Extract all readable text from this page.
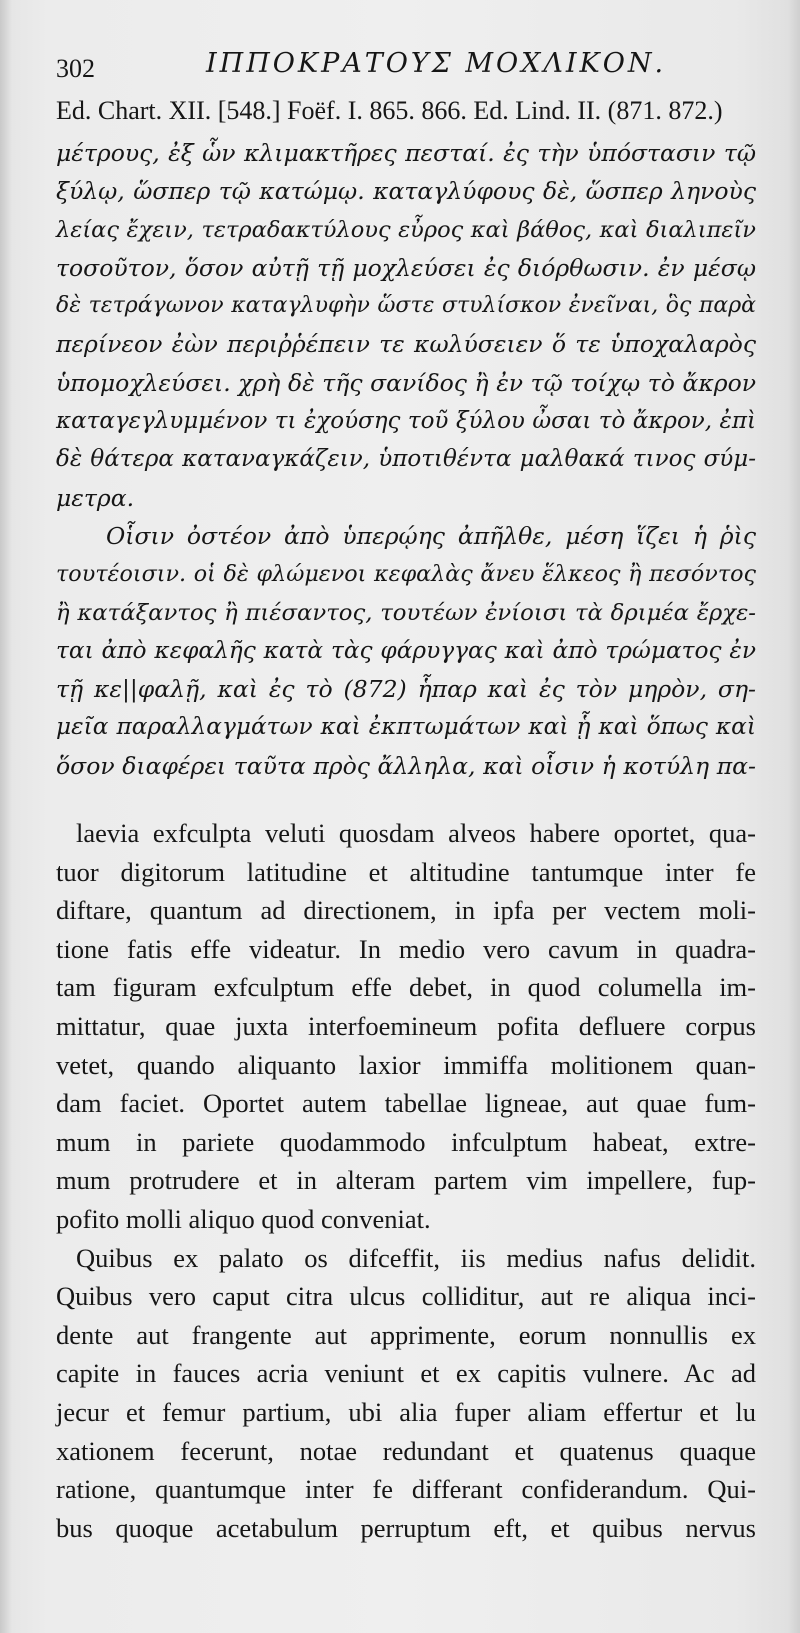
302	ΙΠΠΟΚΡΑΤΟΥΣ ΜΟΧΛΙΚΟΝ.
Ed. Chart. XII. [548.] Foëf. I. 865. 866. Ed. Lind. II. (871. 872.)
μέτρους, ἐξ ὧν κλιμακτῆρες πεσταί. ἐς τὴν ὑπόστασιν τῷ
ξύλῳ, ὥσπερ τῷ κατώμῳ. καταγλύφους δὲ, ὥσπερ ληνοὺς
λείας ἔχειν, τετραδακτύλους εὖρος καὶ βάθος, καὶ διαλιπεῖν
τοσοῦτον, ὅσον αὐτῇ τῇ μοχλεύσει ἐς διόρθωσιν. ἐν μέσῳ
δὲ τετράγωνον καταγλυφὴν ὥστε στυλίσκον ἐνεῖναι, ὃς παρὰ
περίνεον ἐὼν περιῤῥέπειν τε κωλύσειεν ὅ τε ὑποχαλαρὸς
ὑπομοχλεύσει. χρὴ δὲ τῆς σανίδος ἢ ἐν τῷ τοίχῳ τὸ ἄκρον
καταγεγλυμμένον τι ἐχούσης τοῦ ξύλου ὦσαι τὸ ἄκρον, ἐπὶ
δὲ θάτερα καταναγκάζειν, ὑποτιθέντα μαλθακά τινος σύμ-
μετρα.
Οἷσιν ὀστέον ἀπὸ ὑπερῴης ἀπῆλθε, μέση ἵζει ἡ ῥὶς
τουτέοισιν. οἱ δὲ φλώμενοι κεφαλὰς ἄνευ ἕλκεος ἢ πεσόντος
ἢ κατάξαντος ἢ πιέσαντος, τουτέων ἐνίοισι τὰ δριμέα ἔρχε-
ται ἀπὸ κεφαλῆς κατὰ τὰς φάρυγγας καὶ ἀπὸ τρώματος ἐν
τῇ κε||φαλῇ, καὶ ἐς τὸ (872) ἧπαρ καὶ ἐς τὸν μηρὸν, ση-
μεῖα παραλλαγμάτων καὶ ἐκπτωμάτων καὶ ᾗ καὶ ὅπως καὶ
ὅσον διαφέρει ταῦτα πρὸς ἄλληλα, καὶ οἷσιν ἡ κοτύλη πα-
laevia exfculpta veluti quosdam alveos habere oportet, qua-
tuor digitorum latitudine et altitudine tantumque inter fe
diftare, quantum ad directionem, in ipfa per vectem moli-
tione fatis effe videatur. In medio vero cavum in quadra-
tam figuram exfculptum effe debet, in quod columella im-
mittatur, quae juxta interfoemineum pofita defluere corpus
vetet, quando aliquanto laxior immiffa molitionem quan-
dam faciet. Oportet autem tabellae ligneae, aut quae fum-
mum in pariete quodammodo infculptum habeat, extre-
mum protrudere et in alteram partem vim impellere, fup-
pofito molli aliquo quod conveniat.
Quibus ex palato os difceffit, iis medius nafus delidit.
Quibus vero caput citra ulcus colliditur, aut re aliqua inci-
dente aut frangente aut apprimente, eorum nonnullis ex
capite in fauces acria veniunt et ex capitis vulnere. Ac ad
jecur et femur partium, ubi alia fuper aliam effertur et lu
xationem fecerunt, notae redundant et quatenus quaque
ratione, quantumque inter fe differant confiderandum. Qui-
bus quoque acetabulum perruptum eft, et quibus nervus
